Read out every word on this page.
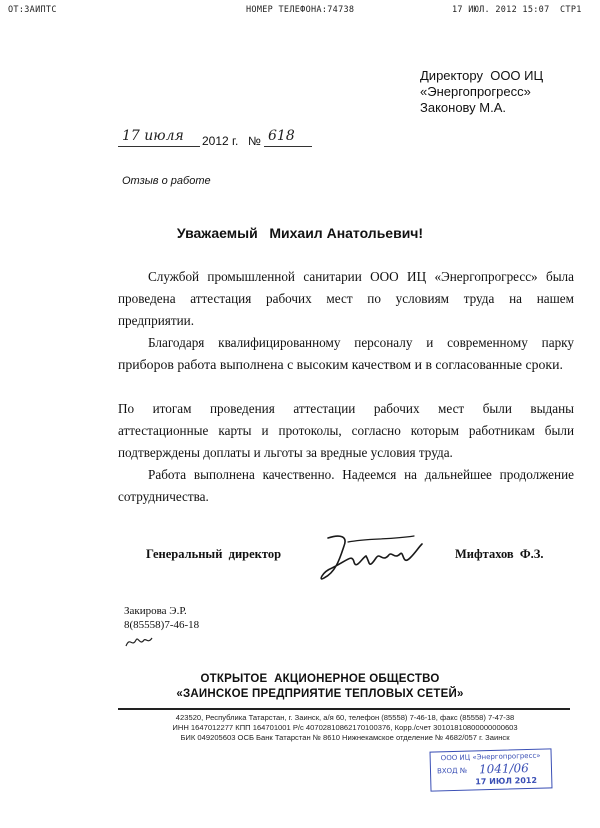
ОТ:ЗАИПТС	НОМЕР ТЕЛЕФОНА:74738	17 ИЮЛ. 2012 15:07 СТР1
Директору  ООО ИЦ
«Энергопрогресс»
Законову М.А.
17 июля 2012 г. № 618
Отзыв о работе
Уважаемый   Михаил Анатольевич!
Службой промышленной санитарии ООО ИЦ «Энергопрогресс» была
проведена аттестация рабочих мест по условиям труда на нашем
предприятии.
Благодаря квалифицированному персоналу и современному парку
приборов работа выполнена с высоким качеством и в согласованные сроки.
По итогам проведения аттестации рабочих мест были выданы
аттестационные карты и протоколы, согласно которым работникам были
подтверждены доплаты и льготы за вредные условия труда.
Работа выполнена качественно. Надеемся на дальнейшее продолжение
сотрудничества.
Генеральный  директор	Мифтахов  Ф.З.
Закирова Э.Р.
8(85558)7-46-18
ОТКРЫТОЕ  АКЦИОНЕРНОЕ ОБЩЕСТВО
«ЗАИНСКОЕ ПРЕДПРИЯТИЕ ТЕПЛОВЫХ СЕТЕЙ»
423520, Республика Татарстан, г. Заинск, а/я 60, телефон (85558) 7-46-18, факс (85558) 7-47-38
ИНН 1647012277 КПП 164701001 Р/с 40702810862170100376, Корр./счет 30101810800000000603
БИК 049205603 ОСБ Банк Татарстан № 8610 Нижнекамское отделение № 4682/057 г. Заинск
ООО ИЦ «Энергопрогресс»
ВХОД № 1041/06
17 ИЮЛ 2012
